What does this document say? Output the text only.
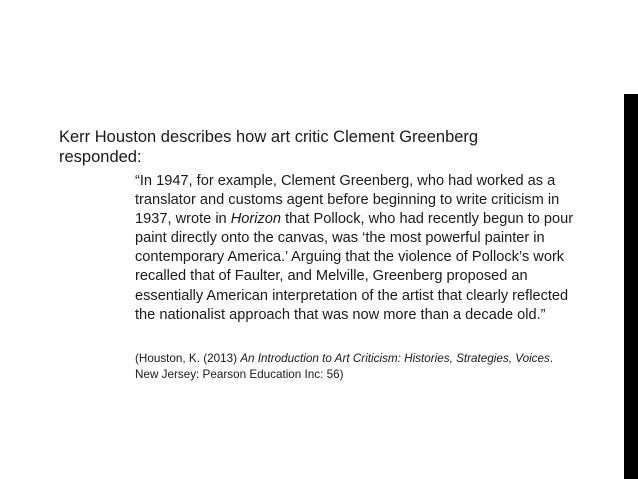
Kerr Houston describes how art critic Clement Greenberg responded:

“In 1947, for example, Clement Greenberg, who had worked as a translator and customs agent before beginning to write criticism in 1937, wrote in Horizon that Pollock, who had recently begun to pour paint directly onto the canvas, was ‘the most powerful painter in contemporary America.’ Arguing that the violence of Pollock’s work recalled that of Faulter, and Melville, Greenberg proposed an essentially American interpretation of the artist that clearly reflected the nationalist approach that was now more than a decade old.”

(Houston, K. (2013) An Introduction to Art Criticism: Histories, Strategies, Voices. New Jersey: Pearson Education Inc: 56)
